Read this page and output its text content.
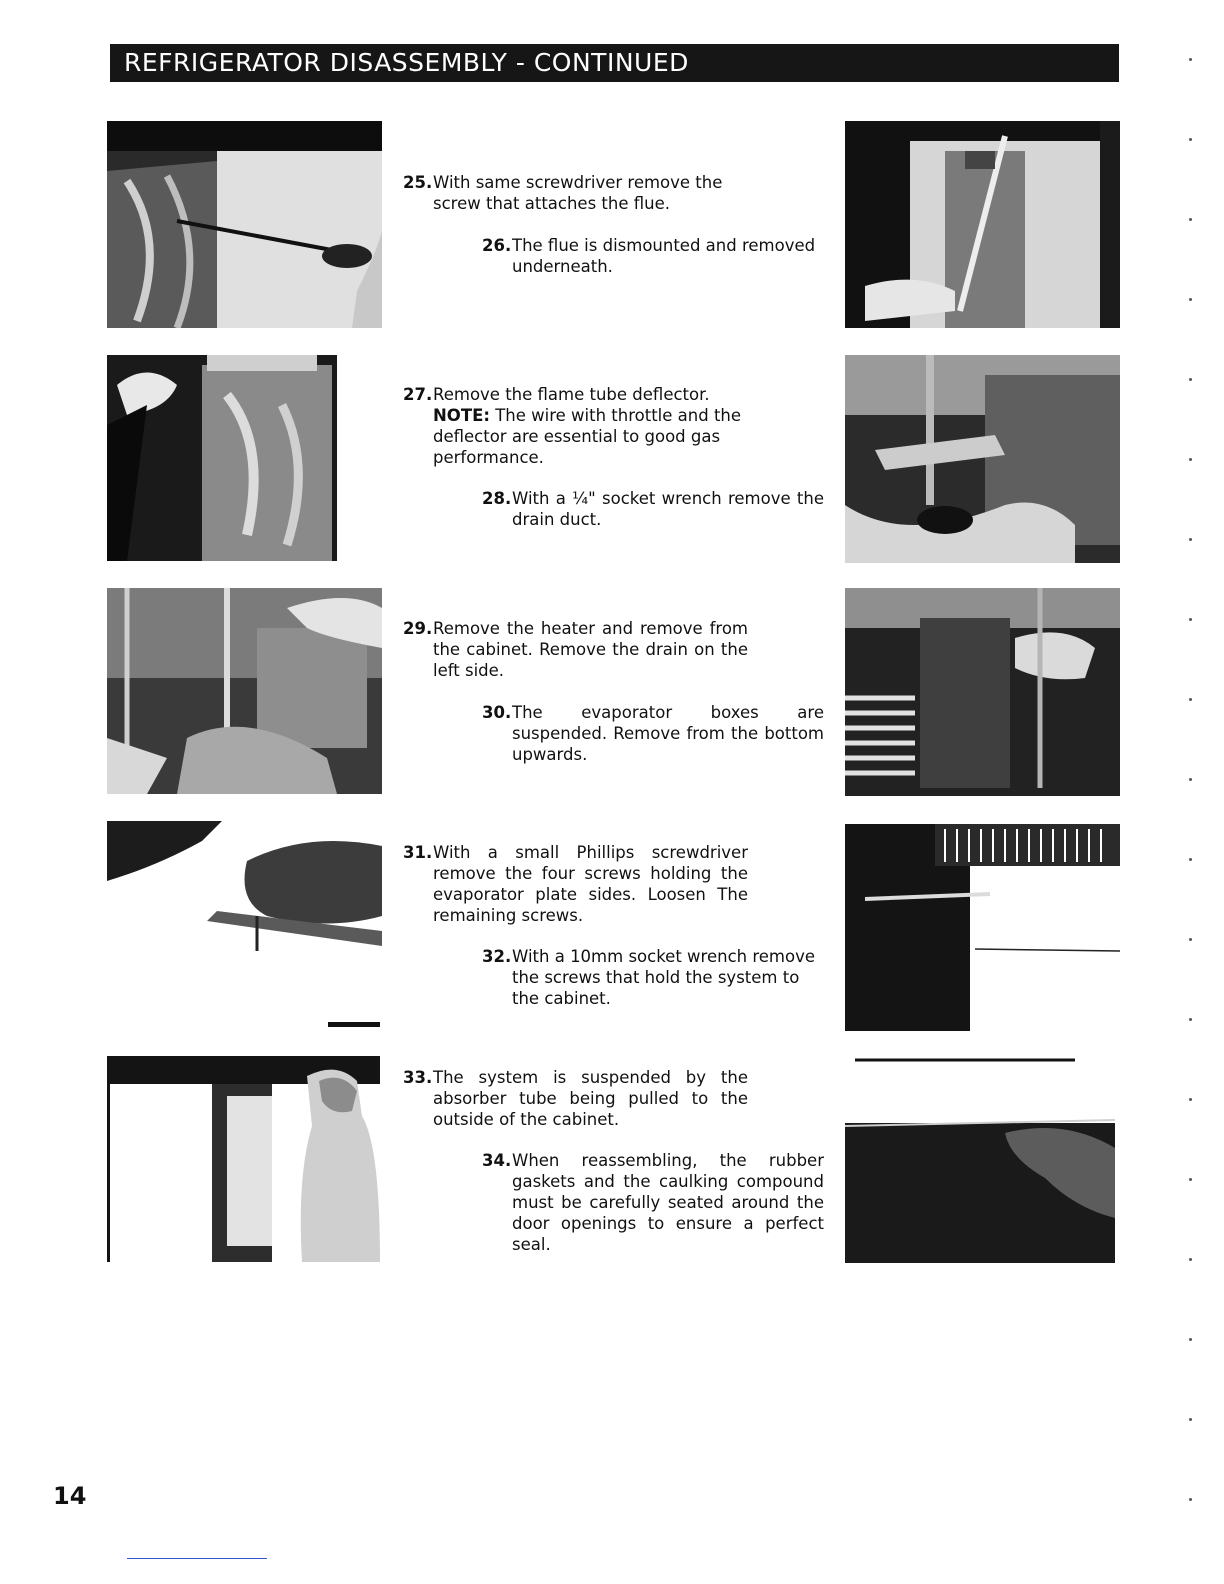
REFRIGERATOR DISASSEMBLY - CONTINUED
25. With same screwdriver remove the screw that attaches the flue.
26. The flue is dismounted and removed underneath.
27. Remove the flame tube deflector.
NOTE: The wire with throttle and the deflector are essential to good gas performance.
28. With a ¼" socket wrench remove the drain duct.
29. Remove the heater and remove from the cabinet. Remove the drain on the left side.
30. The evaporator boxes are suspended. Remove from the bottom upwards.
31. With a small Phillips screwdriver remove the four screws holding the evaporator plate sides. Loosen The remaining screws.
32. With a 10mm socket wrench remove the screws that hold the system to the cabinet.
33. The system is suspended by the absorber tube being pulled to the outside of the cabinet.
34. When reassembling, the rubber gaskets and the caulking compound must be carefully seated around the door openings to ensure a perfect seal.
14
